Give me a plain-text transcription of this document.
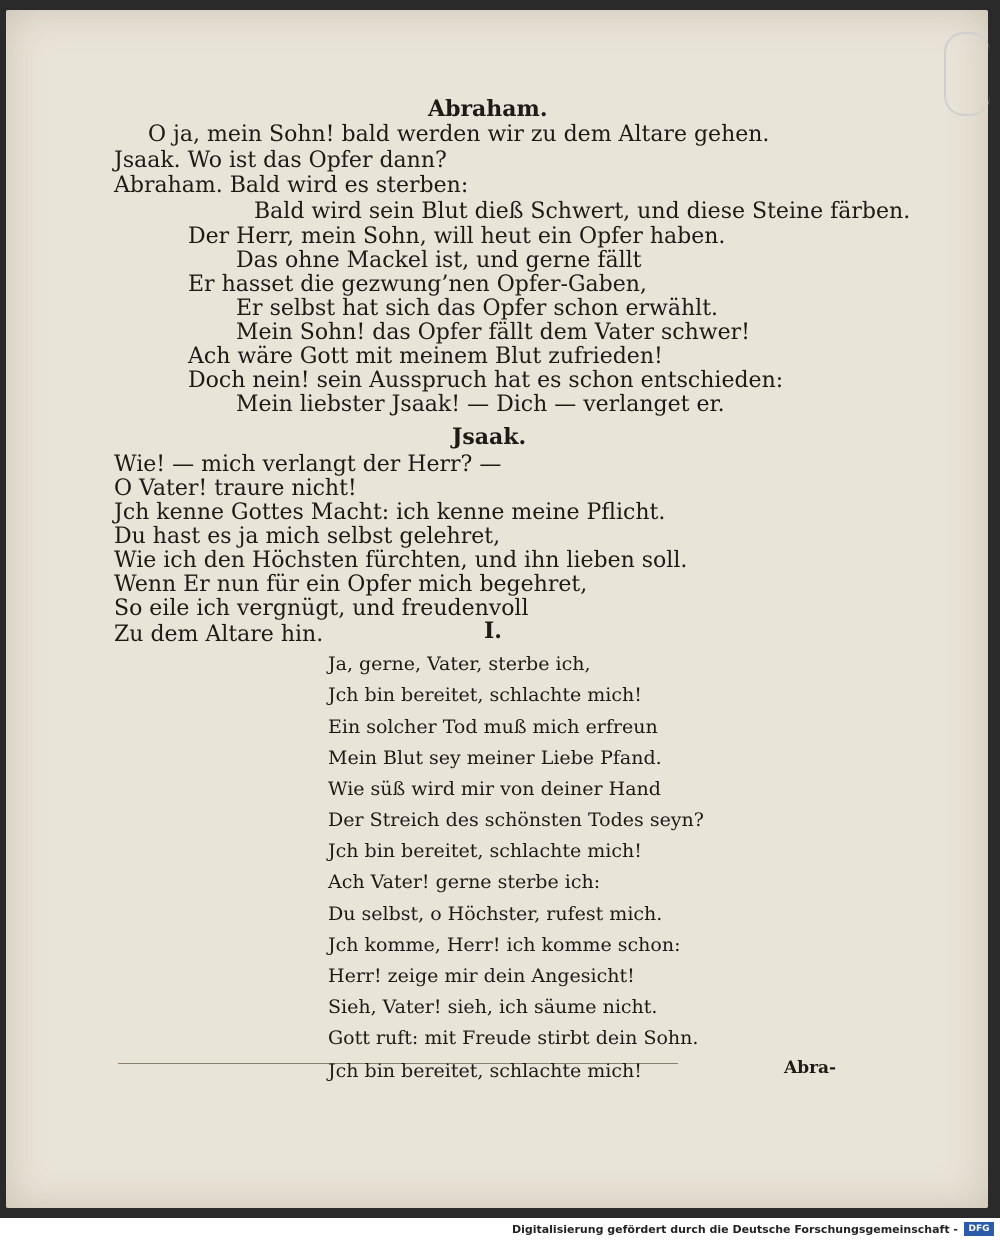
Abraham.
O ja, mein Sohn! bald werden wir zu dem Altare gehen.
Jsaak. Wo ist das Opfer dann?
Abraham. Bald wird es sterben:
Bald wird sein Blut dieß Schwert, und diese Steine färben.
Der Herr, mein Sohn, will heut ein Opfer haben.
Das ohne Mackel ist, und gerne fällt
Er hasset die gezwung’nen Opfer-Gaben,
Er selbst hat sich das Opfer schon erwählt.
Mein Sohn! das Opfer fällt dem Vater schwer!
Ach wäre Gott mit meinem Blut zufrieden!
Doch nein! sein Ausspruch hat es schon entschieden:
Mein liebster Jsaak! — Dich — verlanget er.
Jsaak.
Wie! — mich verlangt der Herr? —
O Vater! traure nicht!
Jch kenne Gottes Macht: ich kenne meine Pflicht.
Du hast es ja mich selbst gelehret,
Wie ich den Höchsten fürchten, und ihn lieben soll.
Wenn Er nun für ein Opfer mich begehret,
So eile ich vergnügt, und freudenvoll
Zu dem Altare hin.	I.
Ja, gerne, Vater, sterbe ich,
Jch bin bereitet, schlachte mich!
Ein solcher Tod muß mich erfreun
Mein Blut sey meiner Liebe Pfand.
Wie süß wird mir von deiner Hand
Der Streich des schönsten Todes seyn?
Jch bin bereitet, schlachte mich!
Ach Vater! gerne sterbe ich:
Du selbst, o Höchster, rufest mich.
Jch komme, Herr! ich komme schon:
Herr! zeige mir dein Angesicht!
Sieh, Vater! sieh, ich säume nicht.
Gott ruft: mit Freude stirbt dein Sohn.
Jch bin bereitet, schlachte mich!	Abra-
Digitalisierung gefördert durch die Deutsche Forschungsgemeinschaft -	DFG
